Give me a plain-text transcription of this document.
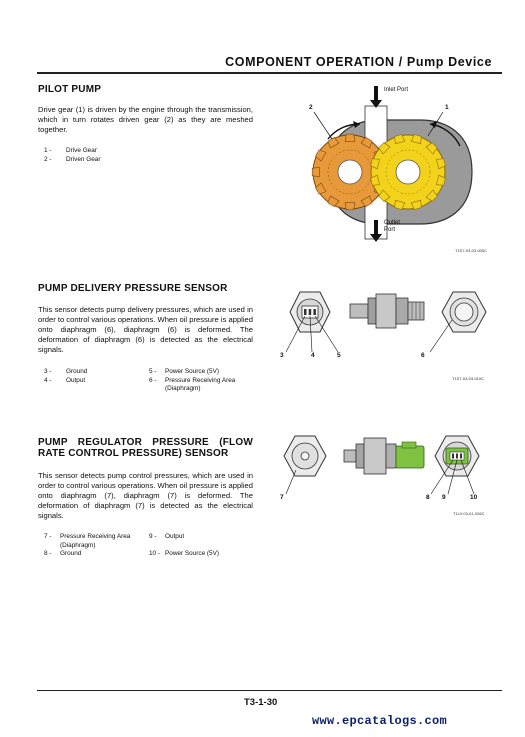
COMPONENT OPERATION / Pump Device
PILOT PUMP
Drive gear (1) is driven by the engine through the transmission, which in turn rotates driven gear (2) as they are meshed together.
1 -	Drive Gear
2 -	Driven Gear
2	1
Inlet Port
Outlet Port
T1S7-03-03-005C
PUMP DELIVERY PRESSURE SENSOR
This sensor detects pump delivery pressures, which are used in order to control various operations. When oil pressure is applied onto diaphragm (6), diaphragm (6) is deformed. The deformation of diaphragm (6) is detected as the electrical signals.
3 -	Ground
4 -	Output
5 -	Power Source (5V)
6 -	Pressure Receiving Area
(Diaphragm)
3	4	5	6
T1S7-03-03-010C
PUMP REGULATOR PRESSURE (FLOW
RATE CONTROL PRESSURE) SENSOR
This sensor detects pump control pressures, which are used in order to control various operations. When oil pressure is applied onto diaphragm (7), diaphragm (7) is deformed. The deformation of diaphragm (7) is detected as the electrical signals.
7 -	Pressure Receiving Area
(Diaphragm)
8 -	Ground
9 -	Output
10 - Power Source (5V)
7	8 9	10
T1LV-03-01-026C
T3-1-30
www.epcatalogs.com
